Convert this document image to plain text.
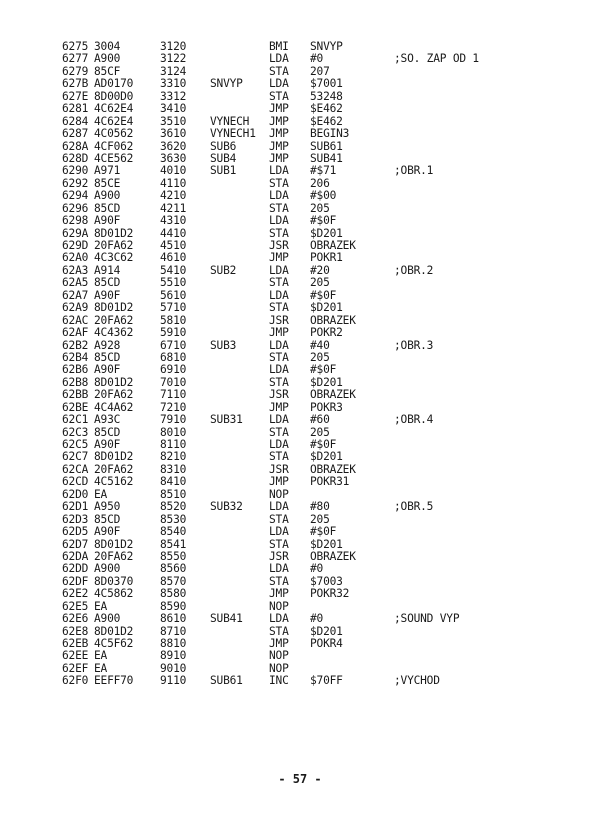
6275 3004	3120	BMI SNVYP
6277 A900	3122	LDA #0	;SO. ZAP OD 1
6279 85CF	3124	STA 207
627B AD0170 3310 SNVYP LDA $7001
627E 8D00D0 3312	STA 53248
6281 4C62E4 3410	JMP $E462
6284 4C62E4 3510 VYNECH JMP $E462
6287 4C0562 3610 VYNECH1 JMP BEGIN3
628A 4CF062 3620 SUB6	JMP SUB61
628D 4CE562 3630 SUB4	JMP SUB41
6290 A971	4010 SUB1	LDA #$71	;OBR.1
6292 85CE	4110	STA 206
6294 A900	4210	LDA #$00
6296 85CD	4211	STA 205
6298 A90F	4310	LDA #$0F
629A 8D01D2 4410	STA $D201
629D 20FA62 4510	JSR OBRAZEK
62A0 4C3C62 4610	JMP POKR1
62A3 A914	5410 SUB2	LDA #20	;OBR.2
62A5 85CD	5510	STA 205
62A7 A90F	5610	LDA #$0F
62A9 8D01D2 5710	STA $D201
62AC 20FA62 5810	JSR OBRAZEK
62AF 4C4362 5910	JMP POKR2
62B2 A928	6710 SUB3	LDA #40	;OBR.3
62B4 85CD	6810	STA 205
62B6 A90F	6910	LDA #$0F
62B8 8D01D2 7010	STA $D201
62BB 20FA62 7110	JSR OBRAZEK
62BE 4C4A62 7210	JMP POKR3
62C1 A93C	7910 SUB31 LDA #60	;OBR.4
62C3 85CD	8010	STA 205
62C5 A90F	8110	LDA #$0F
62C7 8D01D2 8210	STA $D201
62CA 20FA62 8310	JSR OBRAZEK
62CD 4C5162 8410	JMP POKR31
62D0 EA	8510	NOP
62D1 A950	8520 SUB32 LDA #80	;OBR.5
62D3 85CD	8530	STA 205
62D5 A90F	8540	LDA #$0F
62D7 8D01D2 8541	STA $D201
62DA 20FA62 8550	JSR OBRAZEK
62DD A900	8560	LDA #0
62DF 8D0370 8570	STA $7003
62E2 4C5862 8580	JMP POKR32
62E5 EA	8590	NOP
62E6 A900	8610 SUB41 LDA #0	;SOUND VYP
62E8 8D01D2 8710	STA $D201
62EB 4C5F62 8810	JMP POKR4
62EE EA	8910	NOP
62EF EA	9010	NOP
62F0 EEFF70 9110 SUB61 INC $70FF	;VYCHOD
- 57 -
